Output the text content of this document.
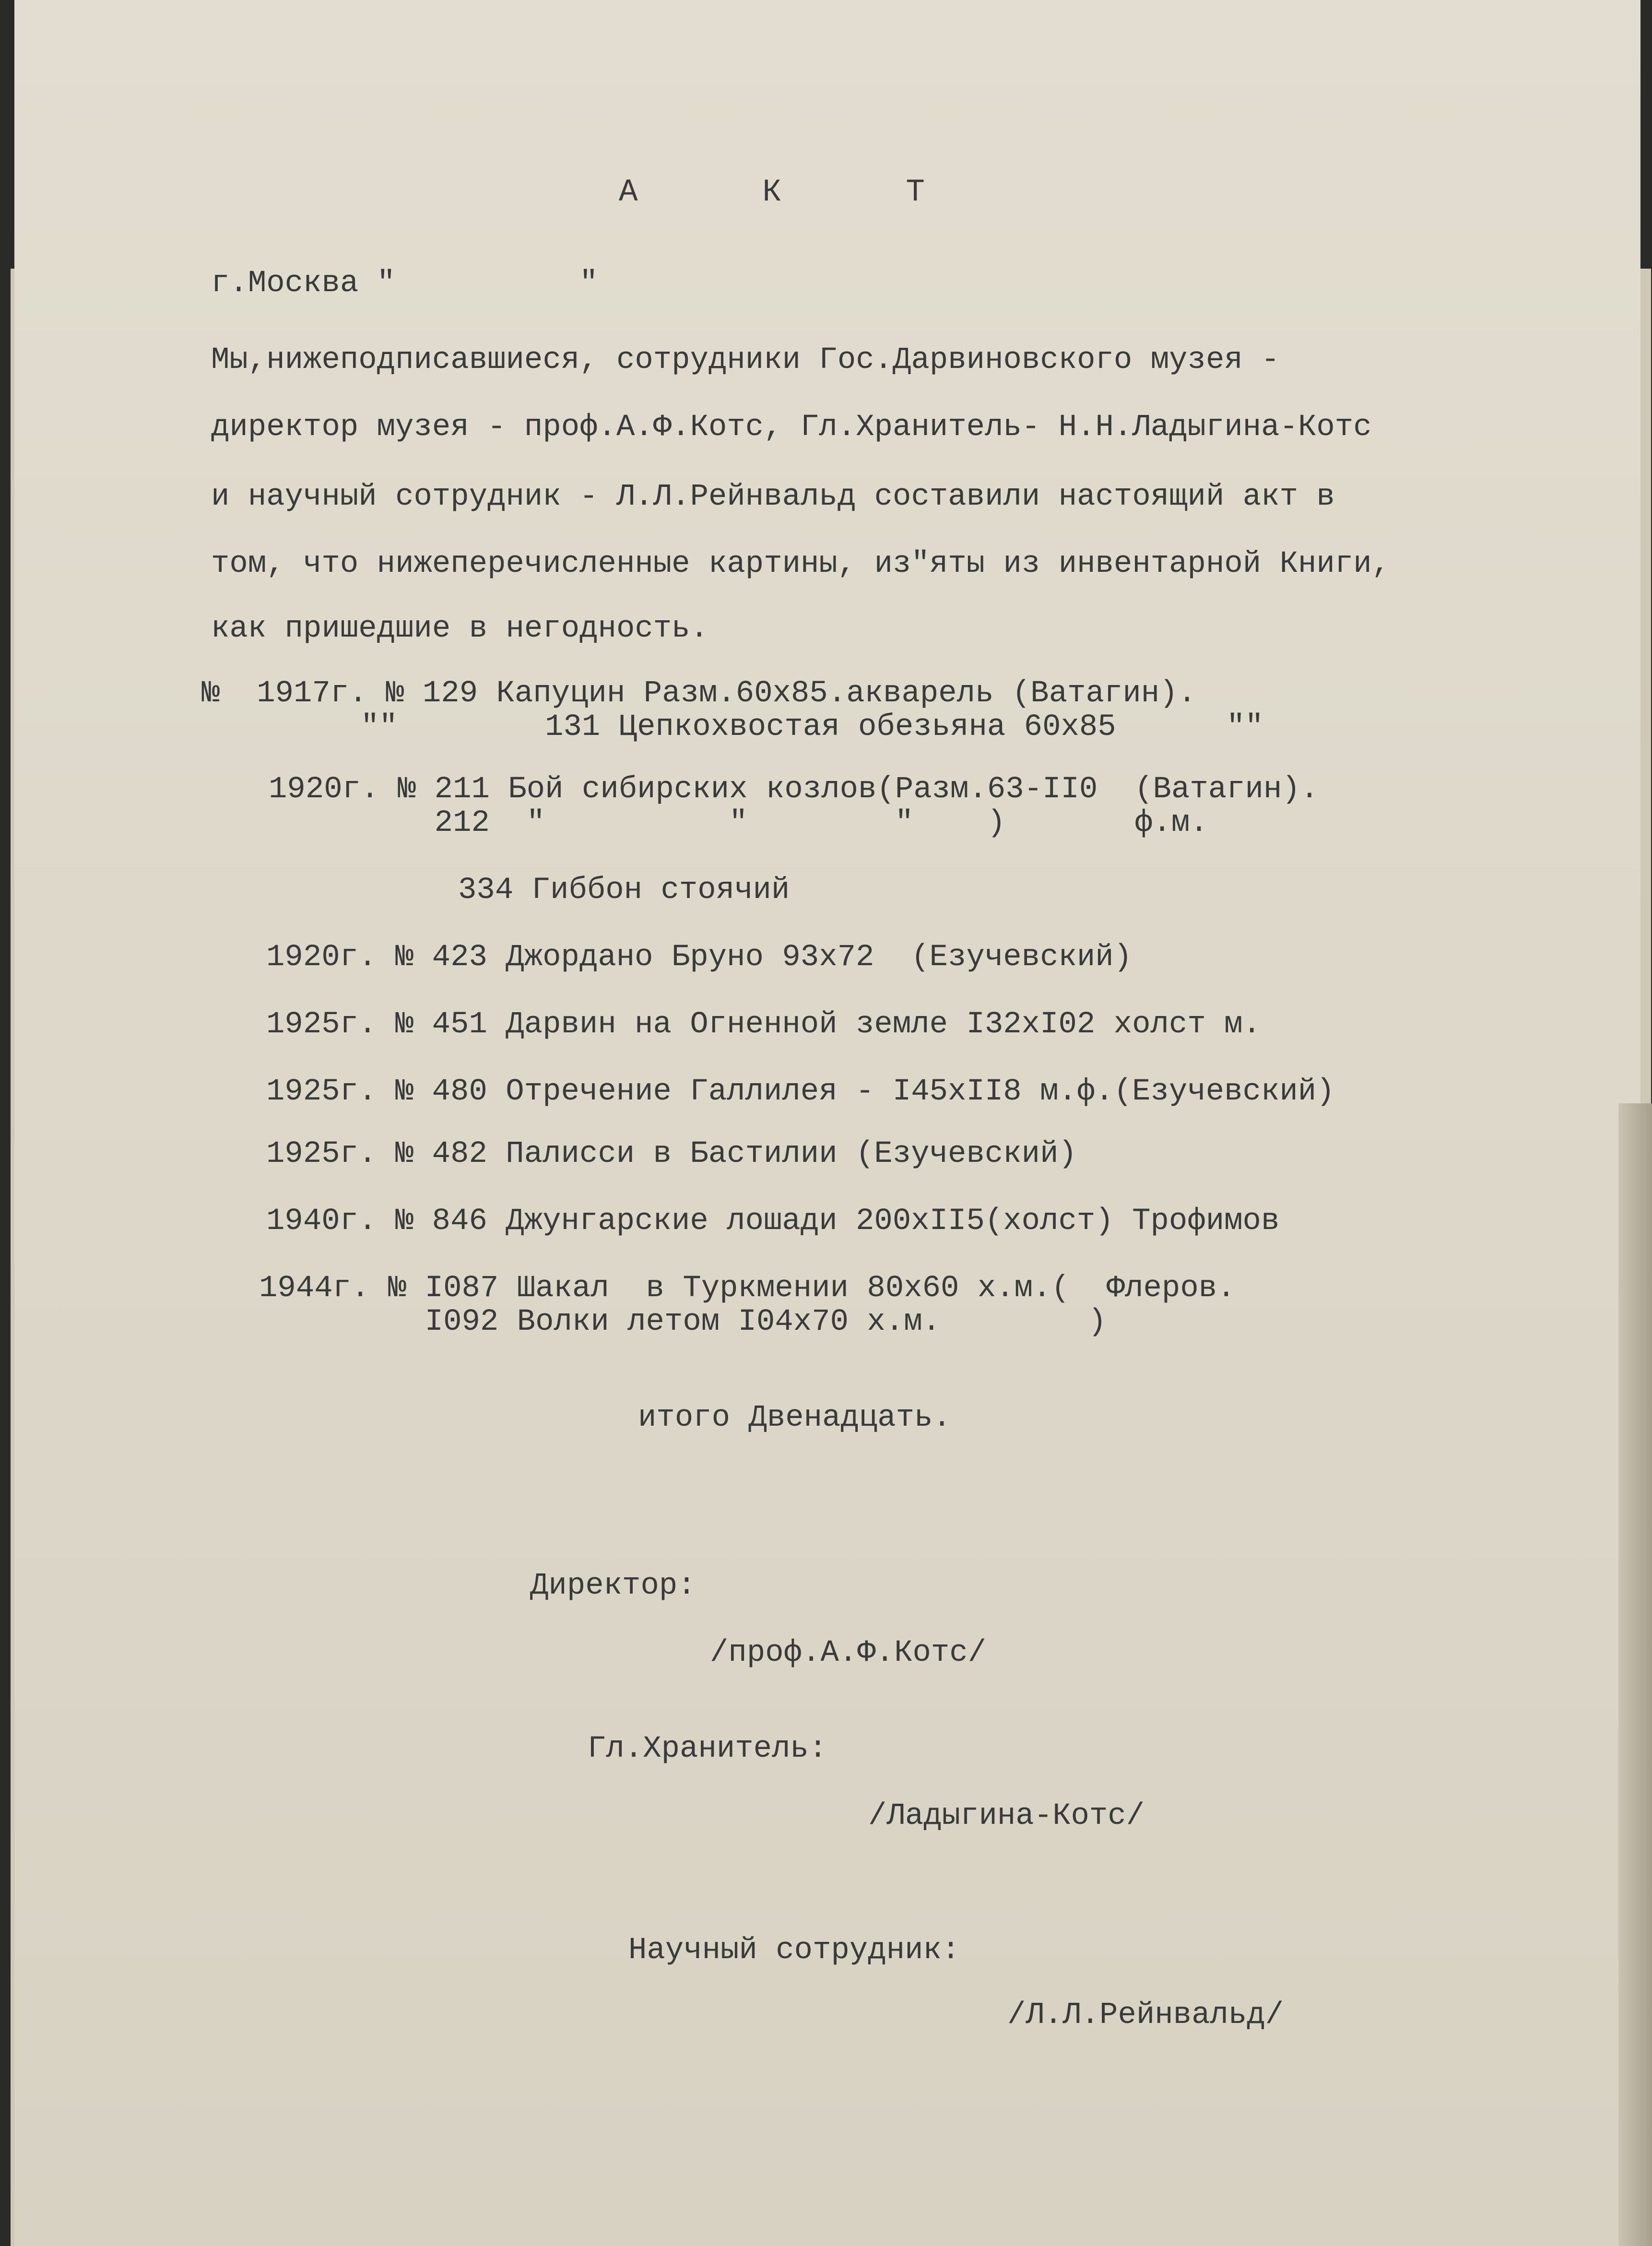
А К Т

г.Москва "          "

Мы,нижеподписавшиеся, сотрудники Гос.Дарвиновского музея -

директор музея - проф.А.Ф.Котс, Гл.Хранитель- Н.Н.Ладыгина-Котс

и научный сотрудник - Л.Л.Рейнвальд составили настоящий акт в

том, что нижеперечисленные картины, из"яты из инвентарной Книги,

как пришедшие в негодность.

№  1917г. № 129 Капуцин Разм.60х85.акварель (Ватагин).

""        131 Цепкохвостая обезьяна 60х85      ""

1920г. № 211 Бой сибирских козлов(Разм.63-II0  (Ватагин).

212  "          "        "    )       ф.м.

334 Гиббон стоячий

1920г. № 423 Джордано Бруно 93х72  (Езучевский)

1925г. № 451 Дарвин на Огненной земле I32хI02 холст м.

1925г. № 480 Отречение Галлилея - I45хII8 м.ф.(Езучевский)

1925г. № 482 Палисси в Бастилии (Езучевский)

1940г. № 846 Джунгарские лошади 200хII5(холст) Трофимов

1944г. № I087 Шакал  в Туркмении 80х60 х.м.(  Флеров.

I092 Волки летом I04х70 х.м.        )

итого Двенадцать.

Директор:

/проф.А.Ф.Котс/

Гл.Хранитель:

/Ладыгина-Котс/

Научный сотрудник:

/Л.Л.Рейнвальд/
